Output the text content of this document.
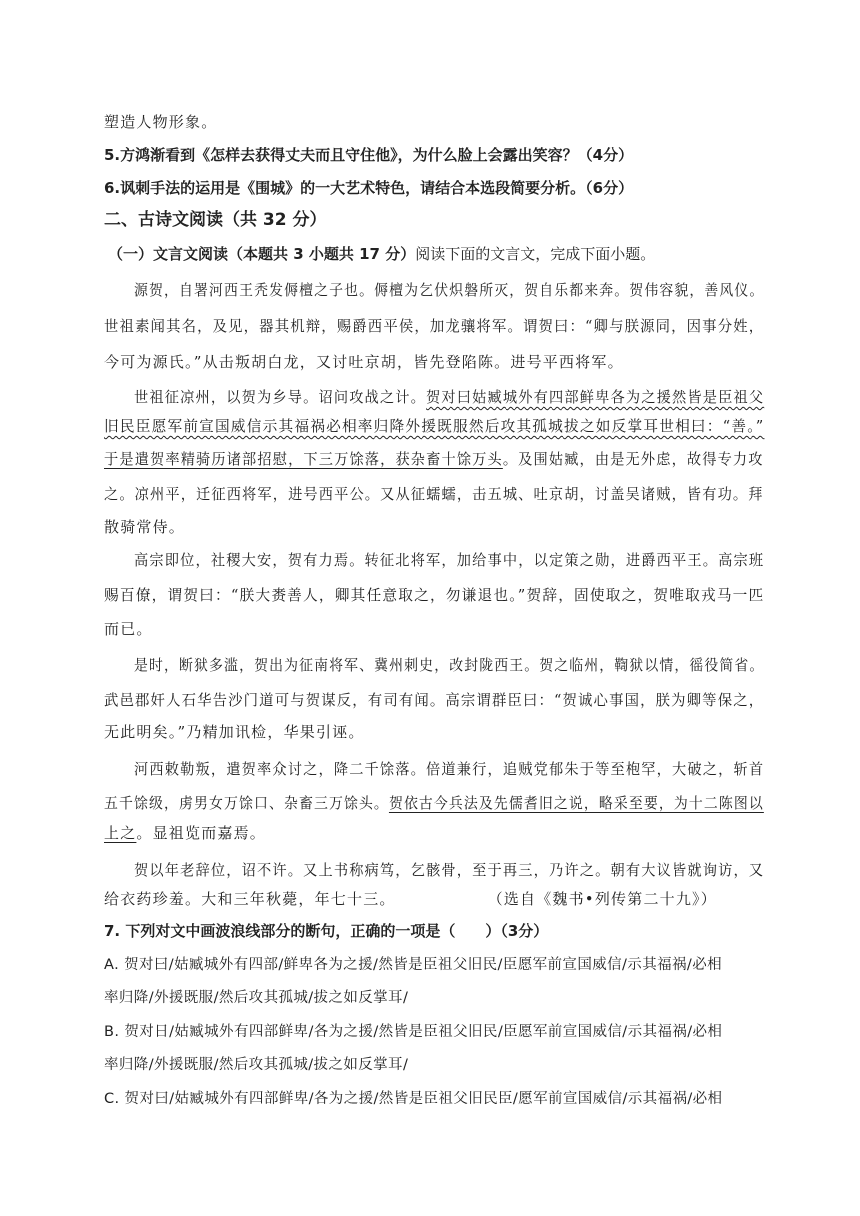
塑造人物形象。
5.方鸿渐看到《怎样去获得丈夫而且守住他》，为什么脸上会露出笑容？（4分）
6.讽刺手法的运用是《围城》的一大艺术特色，请结合本选段简要分析。（6分）
二、古诗文阅读（共 32 分）
（一）文言文阅读（本题共 3 小题共 17 分）阅读下面的文言文，完成下面小题。
源贺，自署河西王秃发傉檀之子也。傉檀为乞伏炽磐所灭，贺自乐都来奔。贺伟容貌，善风仪。
世祖素闻其名，及见，器其机辩，赐爵西平侯，加龙骧将军。谓贺曰：“卿与朕源同，因事分姓，
今可为源氏。”从击叛胡白龙，又讨吐京胡，皆先登陷陈。进号平西将军。
世祖征凉州，以贺为乡导。诏问攻战之计。贺对曰姑臧城外有四部鲜卑各为之援然皆是臣祖父
旧民臣愿军前宣国威信示其福祸必相率归降外援既服然后攻其孤城拔之如反掌耳世相曰：“善。”
于是遣贺率精骑历诸部招慰，下三万馀落，获杂畜十馀万头。及围姑臧，由是无外虑，故得专力攻
之。凉州平，迁征西将军，进号西平公。又从征蠕蠕，击五城、吐京胡，讨盖吴诸贼，皆有功。拜
散骑常侍。
高宗即位，社稷大安，贺有力焉。转征北将军，加给事中，以定策之勋，进爵西平王。高宗班
赐百僚，谓贺曰：“朕大赉善人，卿其任意取之，勿谦退也。”贺辞，固使取之，贺唯取戎马一匹
而已。
是时，断狱多滥，贺出为征南将军、冀州刺史，改封陇西王。贺之临州，鞫狱以情，徭役简省。
武邑郡奸人石华告沙门道可与贺谋反，有司有闻。高宗谓群臣曰：“贺诚心事国，朕为卿等保之，
无此明矣。”乃精加讯检，华果引诬。
河西敕勒叛，遣贺率众讨之，降二千馀落。倍道兼行，追贼党郁朱于等至枹罕，大破之，斩首
五千馀级，虏男女万馀口、杂畜三万馀头。贺依古今兵法及先儒耆旧之说，略采至要，为十二陈图以
上之。显祖览而嘉焉。
贺以年老辞位，诏不许。又上书称病笃，乞骸骨，至于再三，乃许之。朝有大议皆就询访，又
给衣药珍羞。大和三年秋薨，年七十三。	（选自《魏书•列传第二十九》）
7. 下列对文中画波浪线部分的断句，正确的一项是（　　）（3分）
A. 贺对曰/姑臧城外有四部/鲜卑各为之援/然皆是臣祖父旧民/臣愿军前宣国威信/示其福祸/必相
率归降/外援既服/然后攻其孤城/拔之如反掌耳/
B. 贺对日/姑臧城外有四部鲜卑/各为之援/然皆是臣祖父旧民/臣愿军前宣国威信/示其福祸/必相
率归降/外援既服/然后攻其孤城/拔之如反掌耳/
C. 贺对曰/姑臧城外有四部鲜卑/各为之援/然皆是臣祖父旧民臣/愿军前宣国威信/示其福祸/必相
